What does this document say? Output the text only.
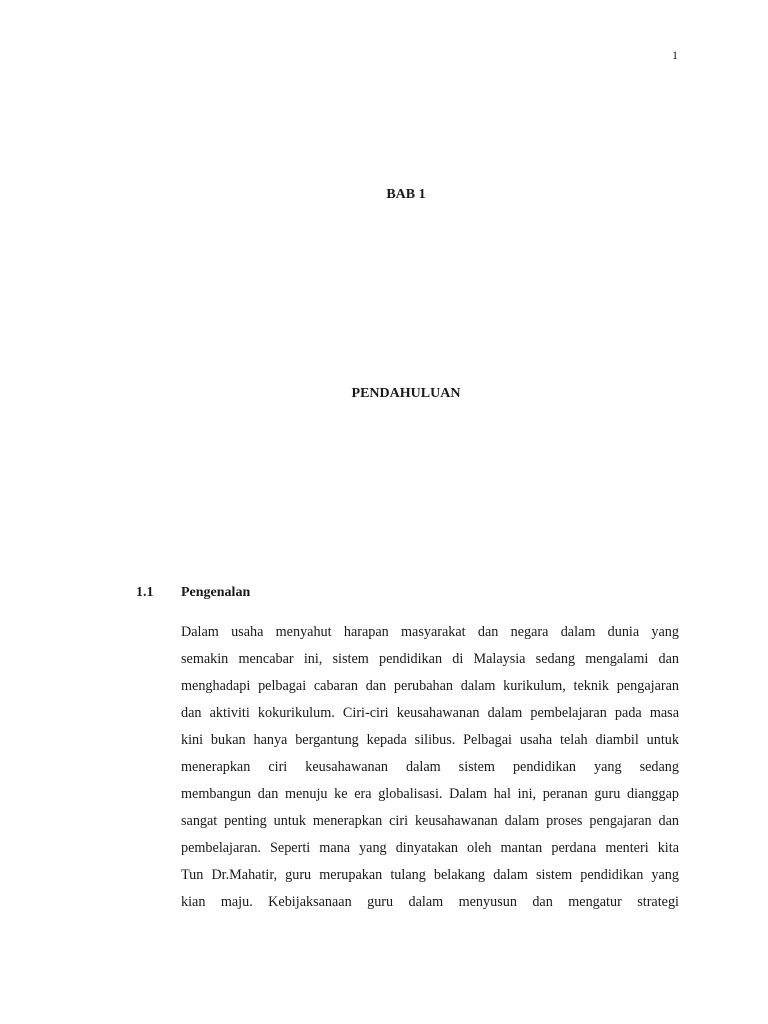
1
BAB 1
PENDAHULUAN
1.1 Pengenalan

Dalam usaha menyahut harapan masyarakat dan negara dalam dunia yang
semakin mencabar ini, sistem pendidikan di Malaysia sedang mengalami dan
menghadapi pelbagai cabaran dan perubahan dalam kurikulum, teknik pengajaran
dan aktiviti kokurikulum. Ciri-ciri keusahawanan dalam pembelajaran pada masa
kini bukan hanya bergantung kepada silibus. Pelbagai usaha telah diambil untuk
menerapkan ciri keusahawanan dalam sistem pendidikan yang sedang
membangun dan menuju ke era globalisasi. Dalam hal ini, peranan guru dianggap
sangat penting untuk menerapkan ciri keusahawanan dalam proses pengajaran dan
pembelajaran. Seperti mana yang dinyatakan oleh mantan perdana menteri kita
Tun Dr.Mahatir, guru merupakan tulang belakang dalam sistem pendidikan yang
kian maju. Kebijaksanaan guru dalam menyusun dan mengatur strategi
